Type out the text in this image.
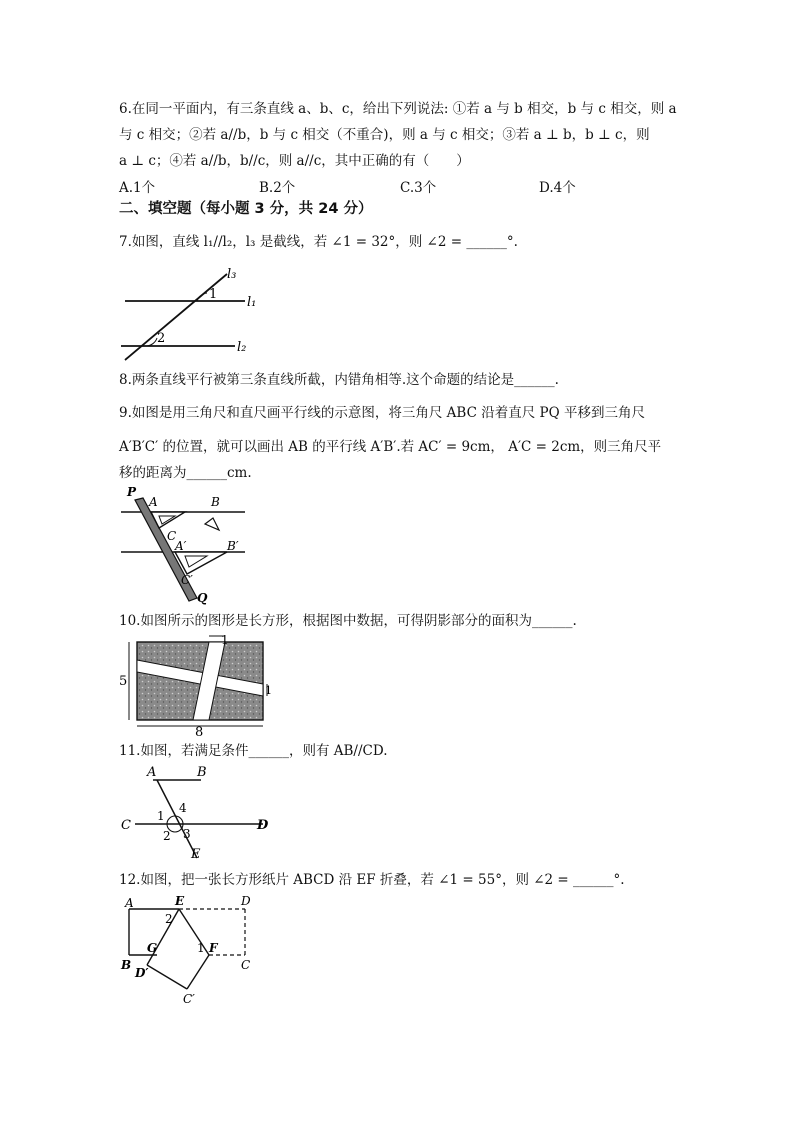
6.在同一平面内，有三条直线 a、b、c，给出下列说法: ①若 a 与 b 相交，b 与 c 相交，则 a
与 c 相交；②若 a//b，b 与 c 相交（不重合)，则 a 与 c 相交；③若 a ⊥ b，b ⊥ c，则
a ⊥ c；④若 a//b，b//c，则 a//c，其中正确的有（　　）
A.1个	B.2个	C.3个	D.4个
二、填空题（每小题 3 分，共 24 分）
7.如图，直线 l₁//l₂，l₃ 是截线，若 ∠1 = 32°，则 ∠2 = ______°.
l₃
1
l₁
2
l₂
8.两条直线平行被第三条直线所截，内错角相等.这个命题的结论是______.
9.如图是用三角尺和直尺画平行线的示意图，将三角尺 ABC 沿着直尺 PQ 平移到三角尺
A′B′C′ 的位置，就可以画出 AB 的平行线 A′B′.若 AC′ = 9cm， A′C = 2cm，则三角尺平
移的距离为______cm.
P
A	B
C
A′	B′
C′
Q
10.如图所示的图形是长方形，根据图中数据，可得阴影部分的面积为______.
1
5
1
8
11.如图，若满足条件______，则有 AB//CD.
A	B
C	D
1
4
2 3
E
12.如图，把一张长方形纸片 ABCD 沿 EF 折叠，若 ∠1 = 55°，则 ∠2 = ______°.
A	E	D
2
G	1 F
B
D′
C
C′
